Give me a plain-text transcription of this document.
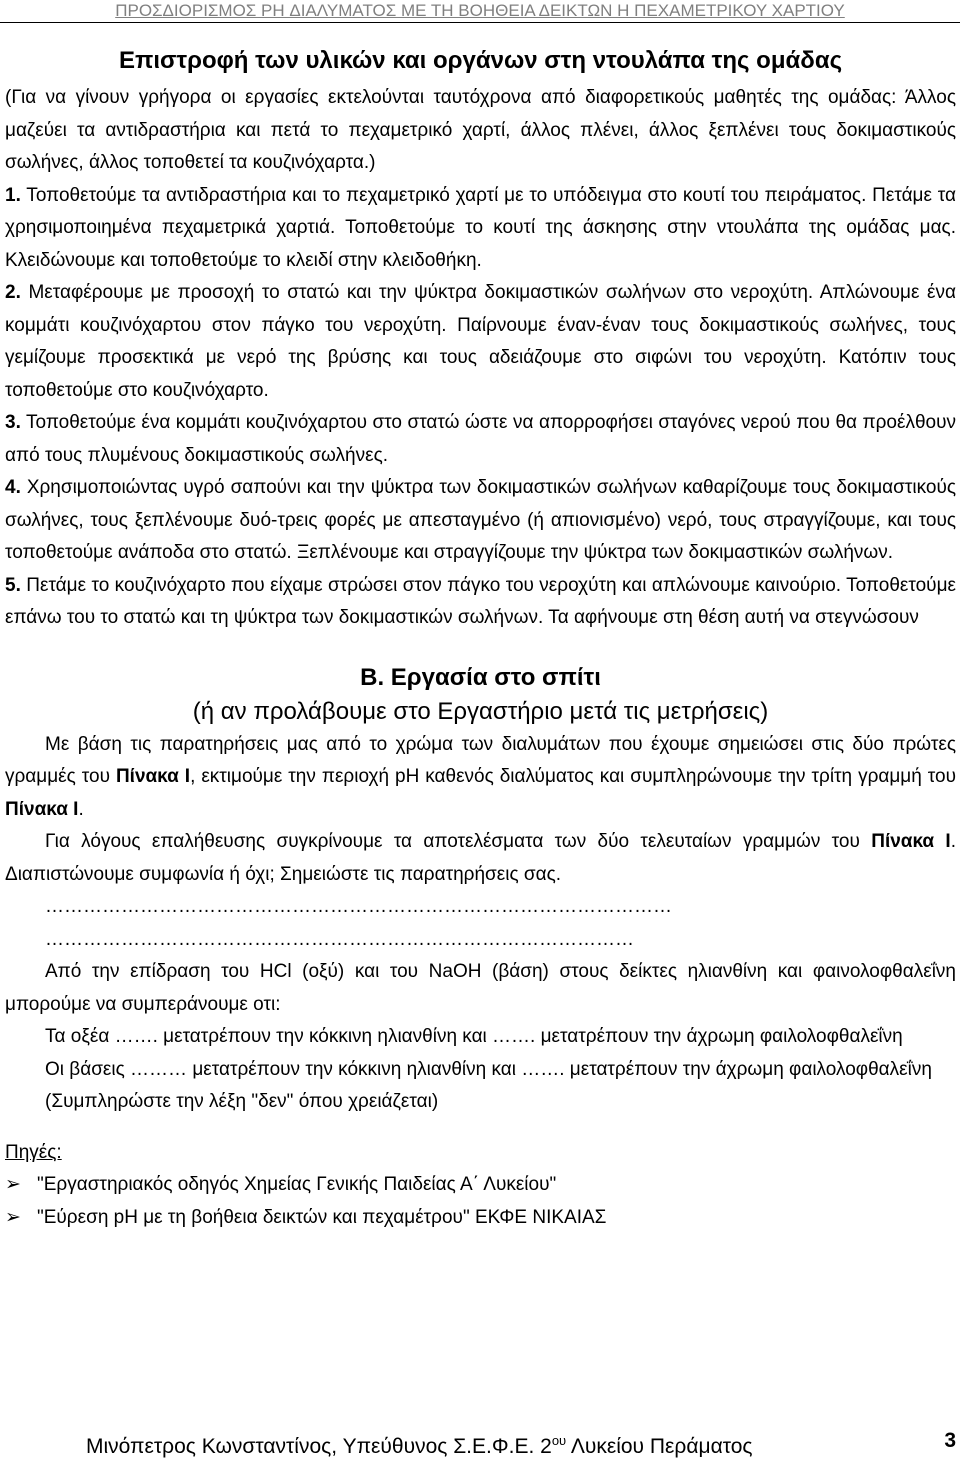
ΠΡΟΣΔΙΟΡΙΣΜΟΣ PH ΔΙΑΛΥΜΑΤΟΣ ΜΕ ΤΗ ΒΟΗΘΕΙΑ ΔΕΙΚΤΩΝ Η ΠΕΧΑΜΕΤΡΙΚΟΥ ΧΑΡΤΙΟΥ
Επιστροφή των υλικών και οργάνων στη ντουλάπα της ομάδας

(Για να γίνουν γρήγορα οι εργασίες εκτελούνται ταυτόχρονα από διαφορετικούς μαθητές της ομάδας: Άλλος μαζεύει τα αντιδραστήρια και πετά το πεχαμετρικό χαρτί, άλλος πλένει, άλλος ξεπλένει τους δοκιμαστικούς σωλήνες, άλλος τοποθετεί τα κουζινόχαρτα.)

1. Τοποθετούμε τα αντιδραστήρια και το πεχαμετρικό χαρτί με το υπόδειγμα στο κουτί του πειράματος. Πετάμε τα χρησιμοποιημένα πεχαμετρικά χαρτιά. Τοποθετούμε το κουτί της άσκησης στην ντουλάπα της ομάδας μας. Κλειδώνουμε και τοποθετούμε το κλειδί στην κλειδοθήκη.

2. Μεταφέρουμε με προσοχή το στατώ και την ψύκτρα δοκιμαστικών σωλήνων στο νεροχύτη. Απλώνουμε ένα κομμάτι κουζινόχαρτου στον πάγκο του νεροχύτη. Παίρνουμε έναν-έναν τους δοκιμαστικούς σωλήνες, τους γεμίζουμε προσεκτικά με νερό της βρύσης και τους αδειάζουμε στο σιφώνι του νεροχύτη. Κατόπιν τους τοποθετούμε στο κουζινόχαρτο.

3. Τοποθετούμε ένα κομμάτι κουζινόχαρτου στο στατώ ώστε να απορροφήσει σταγόνες νερού που θα προέλθουν από τους πλυμένους δοκιμαστικούς σωλήνες.

4. Χρησιμοποιώντας υγρό σαπούνι και την ψύκτρα των δοκιμαστικών σωλήνων καθαρίζουμε τους δοκιμαστικούς σωλήνες, τους ξεπλένουμε δυό-τρεις φορές με απεσταγμένο (ή απιονισμένο) νερό, τους στραγγίζουμε, και τους τοποθετούμε ανάποδα στο στατώ. Ξεπλένουμε και στραγγίζουμε την ψύκτρα των δοκιμαστικών σωλήνων.

5. Πετάμε το κουζινόχαρτο που είχαμε στρώσει στον πάγκο του νεροχύτη και απλώνουμε καινούριο. Τοποθετούμε επάνω του το στατώ και τη ψύκτρα των δοκιμαστικών σωλήνων. Τα αφήνουμε στη θέση αυτή να στεγνώσουν

Β. Εργασία στο σπίτι
(ή αν προλάβουμε στο Εργαστήριο μετά τις μετρήσεις)

Με βάση τις παρατηρήσεις μας από το χρώμα των διαλυμάτων που έχουμε σημειώσει στις δύο πρώτες γραμμές του Πίνακα Ι, εκτιμούμε την περιοχή pH καθενός διαλύματος και συμπληρώνουμε την τρίτη γραμμή του Πίνακα Ι.

Για λόγους επαλήθευσης συγκρίνουμε τα αποτελέσματα των δύο τελευταίων γραμμών του Πίνακα Ι. Διαπιστώνουμε συμφωνία ή όχι; Σημειώστε τις παρατηρήσεις σας.

………………………………………………………………………………………
…………………………………………………………………………………

Από την επίδραση του HCl (οξύ) και του NaOH (βάση) στους δείκτες ηλιανθίνη και φαινολοφθαλεΐνη μπορούμε να συμπεράνουμε οτι:

Τα οξέα ……. μετατρέπουν την κόκκινη ηλιανθίνη και ……. μετατρέπουν την άχρωμη φαιλολοφθαλεΐνη

Οι βάσεις ……… μετατρέπουν την κόκκινη ηλιανθίνη και ……. μετατρέπουν την άχρωμη φαιλολοφθαλεΐνη

(Συμπληρώστε την λέξη "δεν" όπου χρειάζεται)

Πηγές:
➢ "Εργαστηριακός οδηγός Χημείας Γενικής Παιδείας Α΄ Λυκείου"
➢ "Εύρεση pH με τη βοήθεια δεικτών και πεχαμέτρου" ΕΚΦΕ ΝΙΚΑΙΑΣ
Μινόπετρος Κωνσταντίνος, Υπεύθυνος Σ.Ε.Φ.Ε. $2^{o\upsilon}$ Λυκείου Περάματος	3
